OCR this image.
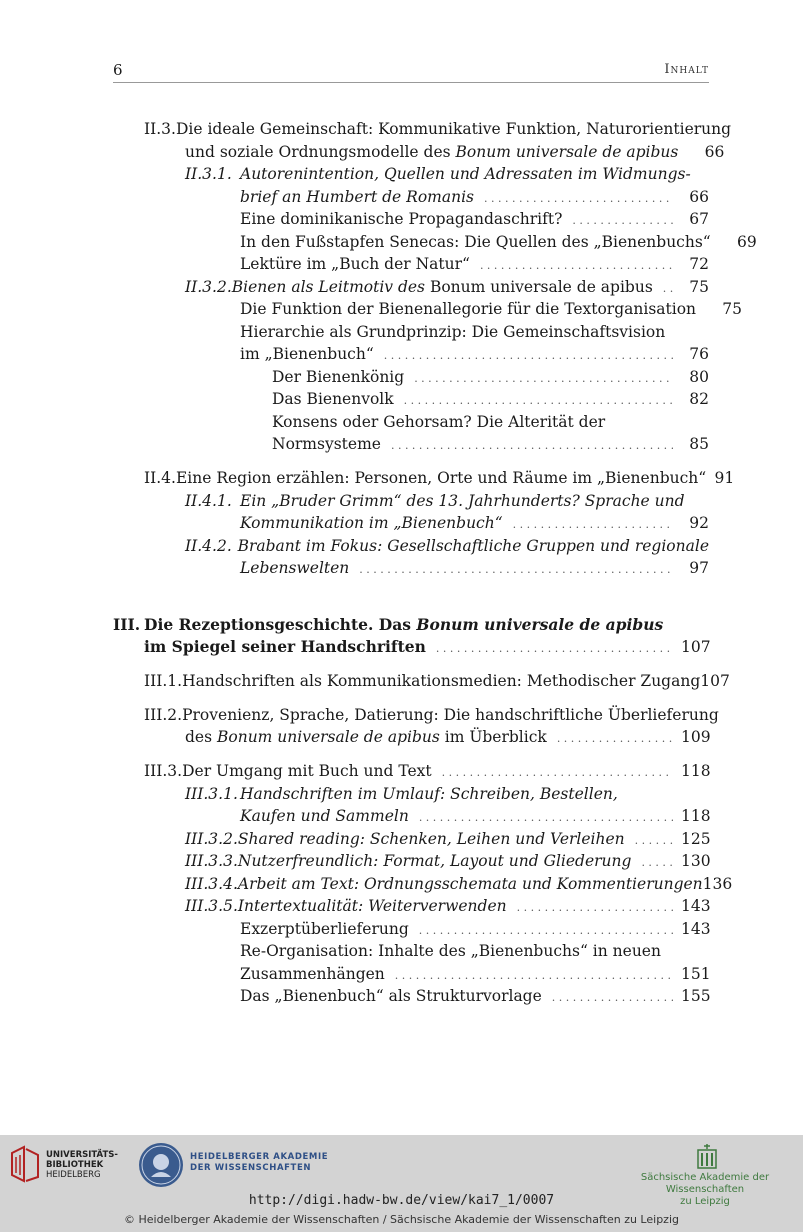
6	Inhalt
II.3. Die ideale Gemeinschaft: Kommunikative Funktion, Naturorientierung
und soziale Ordnungsmodelle des Bonum universale de apibus	66
II.3.1. Autorenintention, Quellen und Adressaten im Widmungs-
brief an Humbert de Romanis . . .	66
Eine dominikanische Propagandaschrift? . . .	67
In den Fußstapfen Senecas: Die Quellen des „Bienenbuchs“	69
Lektüre im „Buch der Natur“ . . .	72
II.3.2. Bienen als Leitmotiv des Bonum universale de apibus . . .	75
Die Funktion der Bienenallegorie für die Textorganisation	75
Hierarchie als Grundprinzip: Die Gemeinschaftsvision
im „Bienenbuch“ . . .	76
Der Bienenkönig . . .	80
Das Bienenvolk . . .	82
Konsens oder Gehorsam? Die Alterität der
Normsysteme . . .	85
II.4. Eine Region erzählen: Personen, Orte und Räume im „Bienenbuch“ 91
II.4.1. Ein „Bruder Grimm“ des 13. Jahrhunderts? Sprache und
Kommunikation im „Bienenbuch“ . . .	92
II.4.2. Brabant im Fokus: Gesellschaftliche Gruppen und regionale
Lebenswelten . . .	97
III. Die Rezeptionsgeschichte. Das Bonum universale de apibus
im Spiegel seiner Handschriften . . .	107
III.1. Handschriften als Kommunikationsmedien: Methodischer Zugang 107
III.2. Provenienz, Sprache, Datierung: Die handschriftliche Überlieferung
des Bonum universale de apibus im Überblick . . .	109
III.3. Der Umgang mit Buch und Text . . .	118
III.3.1. Handschriften im Umlauf: Schreiben, Bestellen,
Kaufen und Sammeln . . .	118
III.3.2. Shared reading: Schenken, Leihen und Verleihen . . .	125
III.3.3. Nutzerfreundlich: Format, Layout und Gliederung . . .	130
III.3.4. Arbeit am Text: Ordnungsschemata und Kommentierungen 136
III.3.5. Intertextualität: Weiterverwenden . . .	143
Exzerptüberlieferung . . .	143
Re-Organisation: Inhalte des „Bienenbuchs“ in neuen
Zusammenhängen . . .	151
Das „Bienenbuch“ als Strukturvorlage . . .	155
UNIVERSITÄTS-
BIBLIOTHEK
HEIDELBERG
HEIDELBERGER AKADEMIE
DER WISSENSCHAFTEN
Sächsische Akademie der Wissenschaften
zu Leipzig
http://digi.hadw-bw.de/view/kai7_1/0007
© Heidelberger Akademie der Wissenschaften / Sächsische Akademie der Wissenschaften zu Leipzig
